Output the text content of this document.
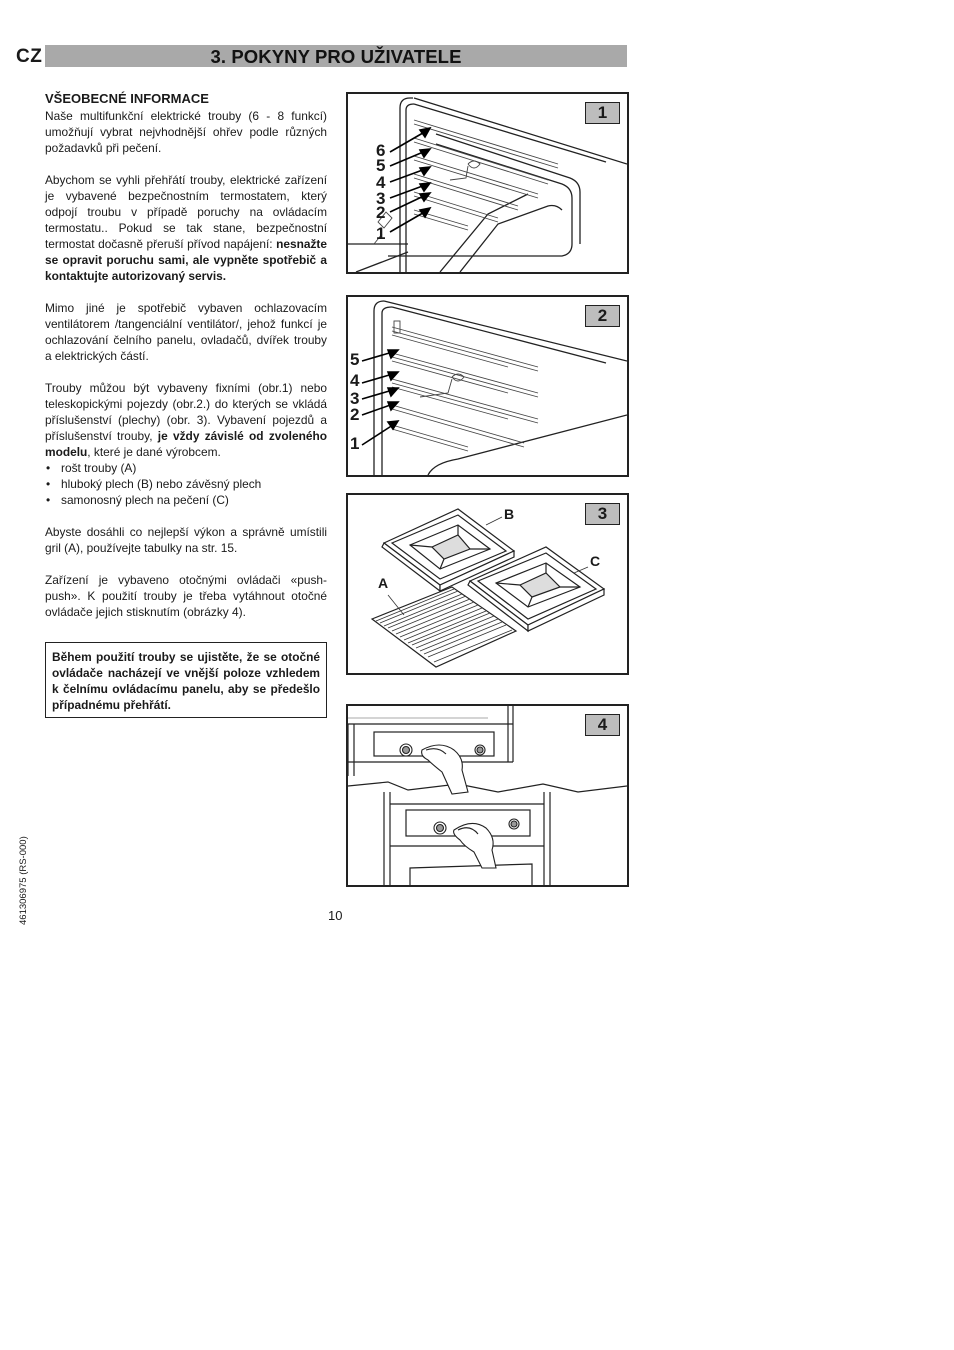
CZ	3. POKYNY PRO UŽIVATELE
VŠEOBECNÉ INFORMACE

Naše multifunkční elektrické trouby (6 - 8 funkcí) umožňují vybrat nejvhodnější ohřev podle různých požadavků při pečení.

Abychom se vyhli přehřátí trouby, elektrické zařízení je vybavené bezpečnostním termostatem, který odpojí troubu v případě poruchy na ovládacím termostatu.. Pokud se tak stane, bezpečnostní termostat dočasně přeruší přívod napájení: nesnažte se opravit poruchu sami, ale vypněte spotřebič a kontaktujte autorizovaný servis.

Mimo jiné je spotřebič vybaven ochlazovacím ventilátorem /tangenciální ventilátor/, jehož funkcí je ochlazování čelního panelu, ovladačů, dvířek trouby a elektrických částí.

Trouby můžou být vybaveny fixními (obr.1) nebo teleskopickými pojezdy (obr.2.) do kterých se vkládá příslušenství (plechy) (obr. 3). Vybavení pojezdů a příslušenství trouby, je vždy závislé od zvoleného modelu, které je dané výrobcem.

• rošt trouby (A)
• hluboký plech (B) nebo závěsný plech
• samonosný plech na pečení (C)

Abyste dosáhli co nejlepší výkon a správně umístili gril (A), používejte tabulky na str. 15.

Zařízení je vybaveno otočnými ovládači «push-push». K použití trouby je třeba vytáhnout otočné ovládače jejich stisknutím (obrázky 4).

Během použití trouby se ujistěte, že se otočné ovládače nacházejí ve vnější poloze vzhledem k čelnímu ovládacímu panelu, aby se předešlo případnému přehřátí.
1
6
5
4
3
2
1
2
5
4
3
2
1
3
A
B
C
4
10
461306975 (RS-000)
